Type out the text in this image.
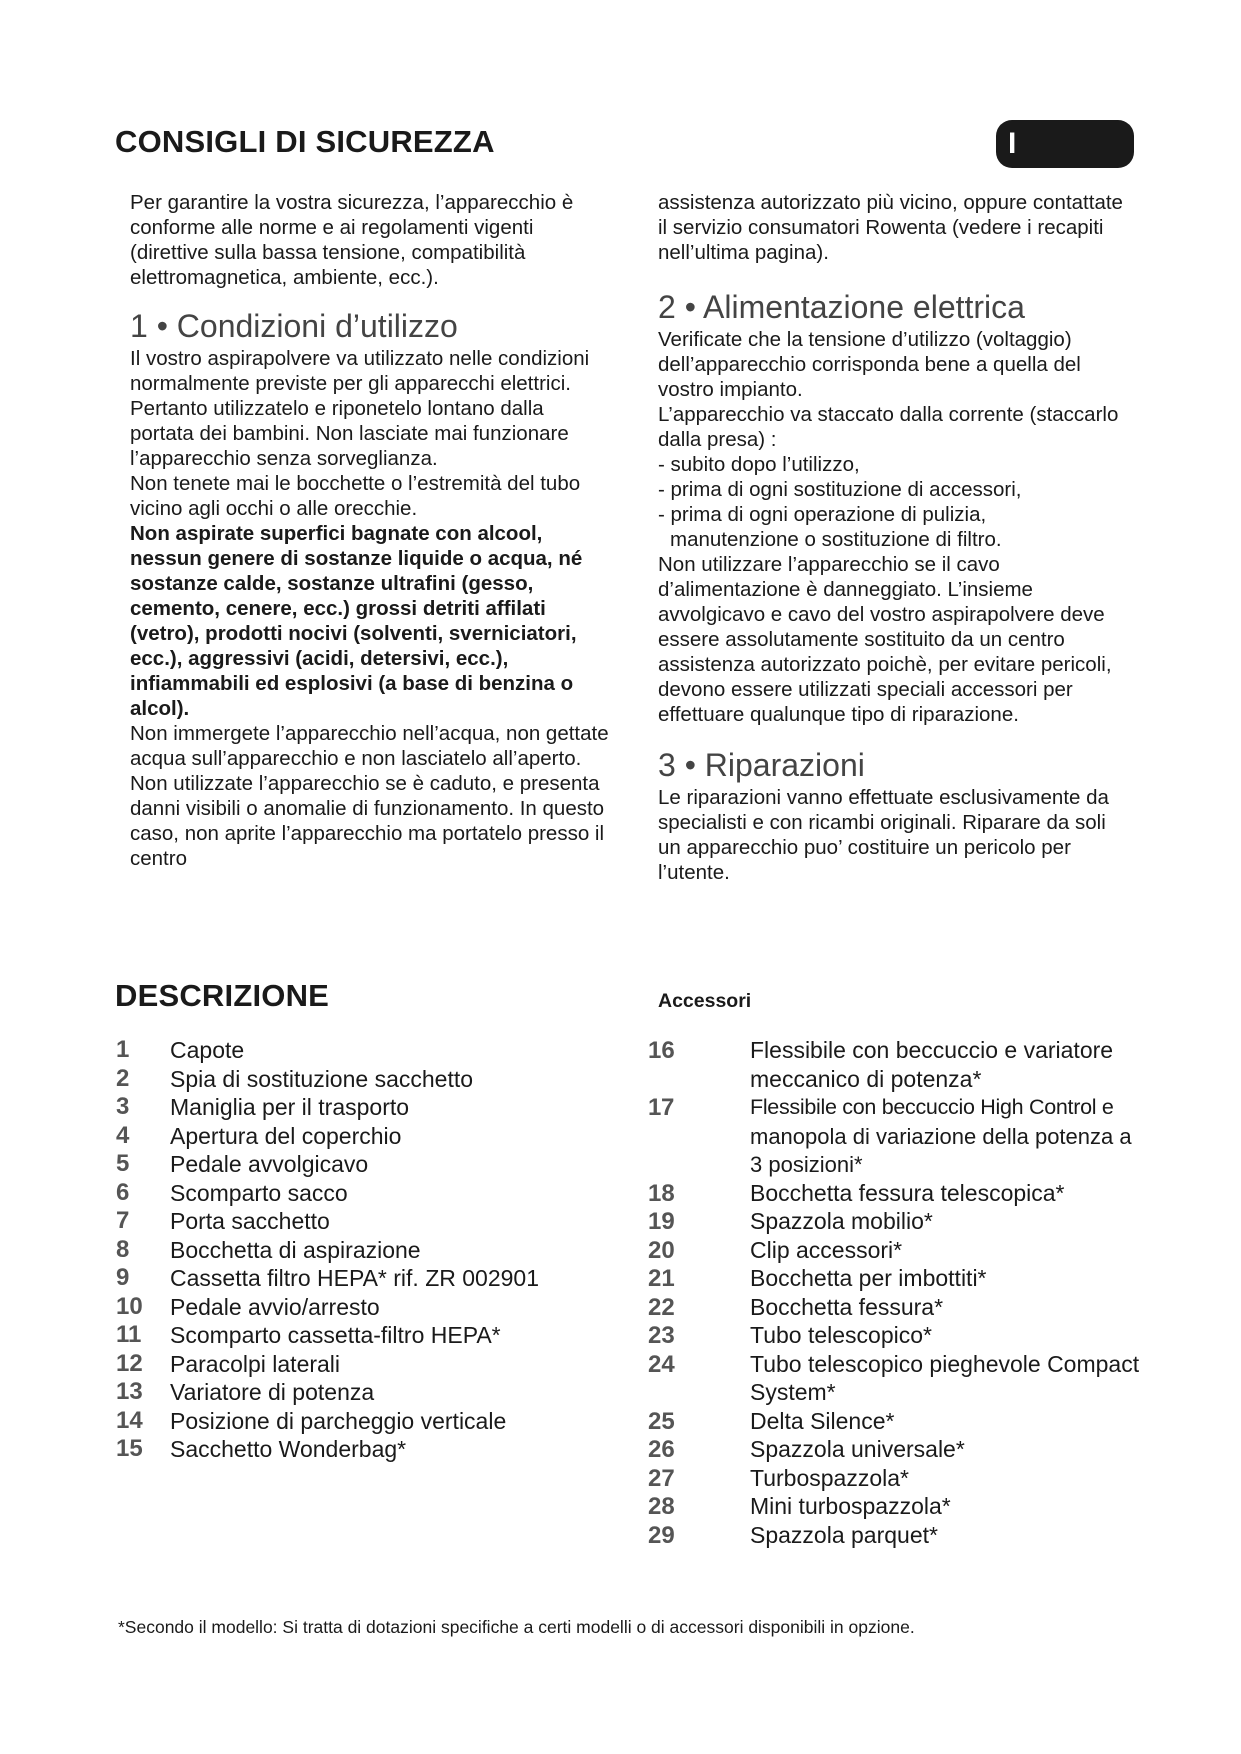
CONSIGLI DI SICUREZZA	I

Per garantire la vostra sicurezza, l’apparecchio è conforme alle norme e ai regolamenti vigenti (direttive sulla bassa tensione, compatibilità elettromagnetica, ambiente, ecc.).

1 • Condizioni d’utilizzo

Il vostro aspirapolvere va utilizzato nelle condizioni normalmente previste per gli apparecchi elettrici.

Pertanto utilizzatelo e riponetelo lontano dalla portata dei bambini. Non lasciate mai funzionare l’apparecchio senza sorveglianza.

Non tenete mai le bocchette o l’estremità del tubo vicino agli occhi o alle orecchie.

Non aspirate superfici bagnate con alcool, nessun genere di sostanze liquide o acqua, né sostanze calde, sostanze ultrafini (gesso, cemento, cenere, ecc.) grossi detriti affilati (vetro), prodotti nocivi (solventi, sverniciatori, ecc.), aggressivi (acidi, detersivi, ecc.), infiammabili ed esplosivi (a base di benzina o alcol).

Non immergete l’apparecchio nell’acqua, non gettate acqua sull’apparecchio e non lasciatelo all’aperto.

Non utilizzate l’apparecchio se è caduto, e presenta danni visibili o anomalie di funzionamento. In questo caso, non aprite l’apparecchio ma portatelo presso il centro

assistenza autorizzato più vicino, oppure contattate il servizio consumatori Rowenta (vedere i recapiti nell’ultima pagina).

2 • Alimentazione elettrica

Verificate che la tensione d’utilizzo (voltaggio) dell’apparecchio corrisponda bene a quella del vostro impianto.

L’apparecchio va staccato dalla corrente (staccarlo dalla presa) :

- subito dopo l’utilizzo,

- prima di ogni sostituzione di accessori,

- prima di ogni operazione di pulizia,

manutenzione o sostituzione di filtro.

Non utilizzare l’apparecchio se il cavo d’alimentazione è danneggiato. L’insieme avvolgicavo e cavo del vostro aspirapolvere deve essere assolutamente sostituito da un centro assistenza autorizzato poichè, per evitare pericoli, devono essere utilizzati speciali accessori per effettuare qualunque tipo di riparazione.

3 • Riparazioni

Le riparazioni vanno effettuate esclusivamente da specialisti e con ricambi originali. Riparare da soli un apparecchio puo’ costituire un pericolo per l’utente.

DESCRIZIONE	Accessori
1 Capote
2 Spia di sostituzione sacchetto
3 Maniglia per il trasporto
4 Apertura del coperchio
5 Pedale avvolgicavo
6 Scomparto sacco
7 Porta sacchetto
8 Bocchetta di aspirazione
9 Cassetta filtro HEPA* rif. ZR 002901
10 Pedale avvio/arresto
11 Scomparto cassetta-filtro HEPA*
12 Paracolpi laterali
13 Variatore di potenza
14 Posizione di parcheggio verticale
15 Sacchetto Wonderbag*
16	Flessibile con beccuccio e variatore
meccanico di potenza*
17	Flessibile con beccuccio High Control e
manopola di variazione della potenza a
3 posizioni*
18	Bocchetta fessura telescopica*
19	Spazzola mobilio*
20	Clip accessori*
21	Bocchetta per imbottiti*
22	Bocchetta fessura*
23	Tubo telescopico*
24	Tubo telescopico pieghevole Compact
System*
25	Delta Silence*
26	Spazzola universale*
27	Turbospazzola*
28	Mini turbospazzola*
29	Spazzola parquet*
*Secondo il modello: Si tratta di dotazioni specifiche a certi modelli o di accessori disponibili in opzione.
